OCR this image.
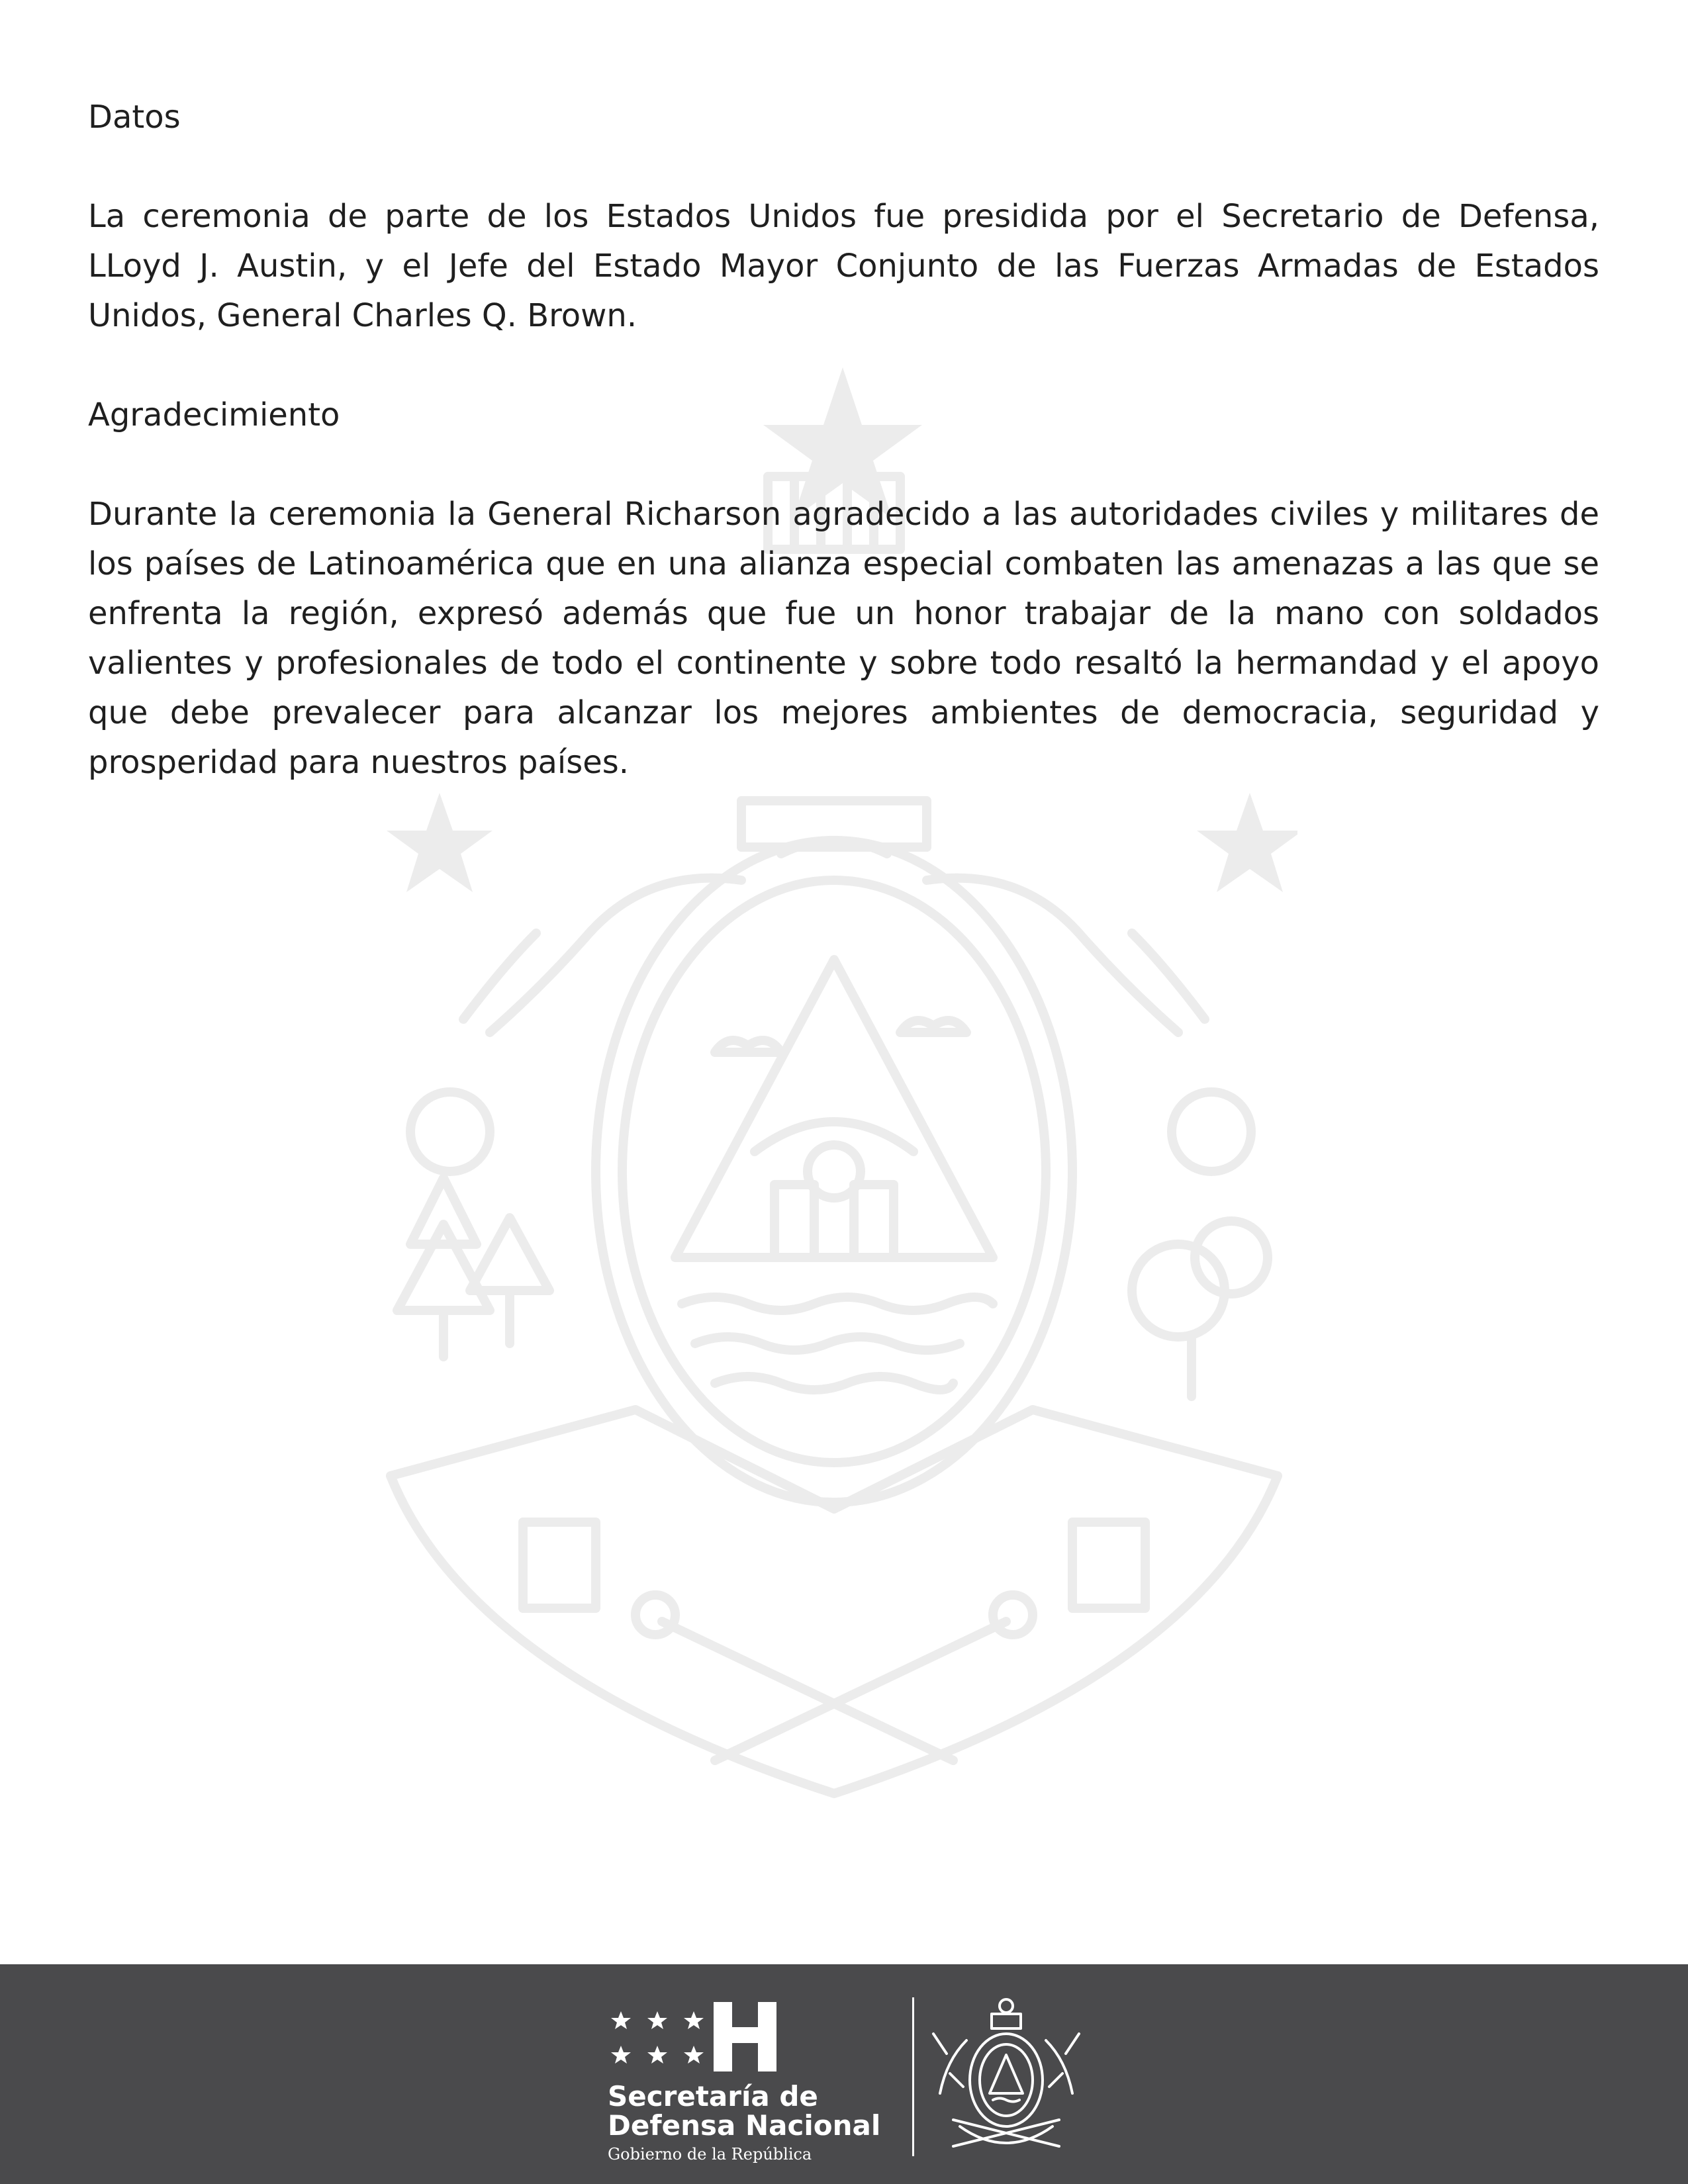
Datos

La ceremonia de parte de los Estados Unidos fue presidida por el Secretario de Defensa, LLoyd J. Austin, y el Jefe del Estado Mayor Conjunto de las Fuerzas Armadas de Estados Unidos, General Charles Q. Brown.

Agradecimiento

Durante la ceremonia la General Richarson agradecido a las autoridades civiles y militares de los países de Latinoamérica que en una alianza especial combaten las amenazas a las que se enfrenta la región, expresó además que fue un honor trabajar de la mano con soldados valientes y profesionales de todo el continente y sobre todo resaltó la hermandad y el apoyo que debe prevalecer para alcanzar los mejores ambientes de democracia, seguridad y prosperidad para nuestros países.

Secretaría de
Defensa Nacional
Gobierno de la República
